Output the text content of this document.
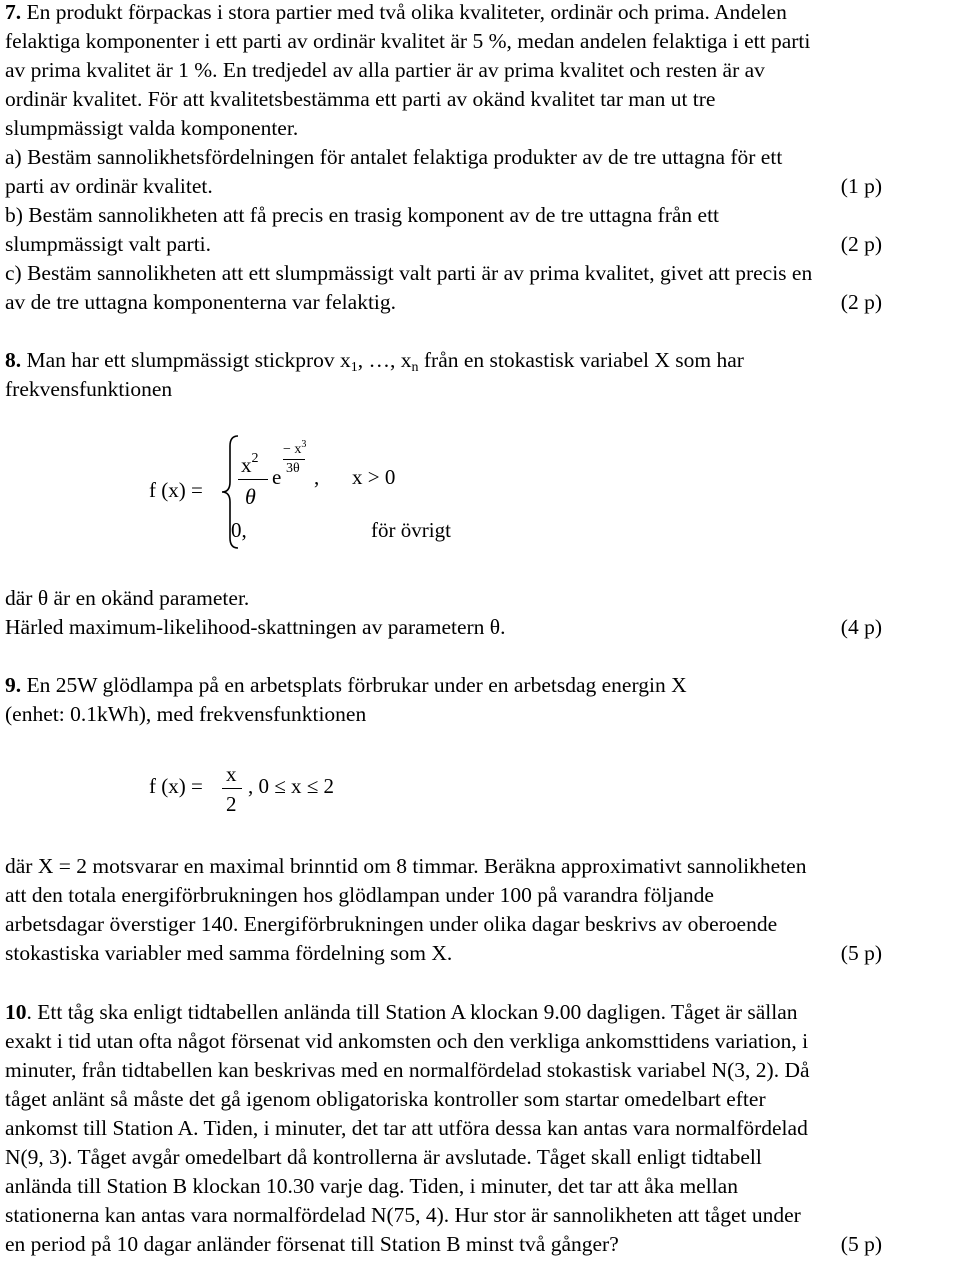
7. En produkt förpackas i stora partier med två olika kvaliteter, ordinär och prima. Andelen
felaktiga komponenter i ett parti av ordinär kvalitet är 5 %, medan andelen felaktiga i ett parti
av prima kvalitet är 1 %. En tredjedel av alla partier är av prima kvalitet och resten är av
ordinär kvalitet. För att kvalitetsbestämma ett parti av okänd kvalitet tar man ut tre
slumpmässigt valda komponenter.
a) Bestäm sannolikhetsfördelningen för antalet felaktiga produkter av de tre uttagna för ett
parti av ordinär kvalitet.	(1 p)
b) Bestäm sannolikheten att få precis en trasig komponent av de tre uttagna från ett
slumpmässigt valt parti.	(2 p)
c) Bestäm sannolikheten att ett slumpmässigt valt parti är av prima kvalitet, givet att precis en
av de tre uttagna komponenterna var felaktig.	(2 p)
8. Man har ett slumpmässigt stickprov $x_1$, …, $x_n$ från en stokastisk variabel X som har
frekvensfunktionen
f (x) =
$x^2$
θ
e
− $x^3$
3θ , x > 0
0,	för övrigt
där θ är en okänd parameter.
Härled maximum-likelihood-skattningen av parametern θ.	(4 p)
9. En 25W glödlampa på en arbetsplats förbrukar under en arbetsdag energin X
(enhet: 0.1kWh), med frekvensfunktionen
f (x) = x
2
, 0 ≤ x ≤ 2
där X = 2 motsvarar en maximal brinntid om 8 timmar. Beräkna approximativt sannolikheten
att den totala energiförbrukningen hos glödlampan under 100 på varandra följande
arbetsdagar överstiger 140. Energiförbrukningen under olika dagar beskrivs av oberoende
stokastiska variabler med samma fördelning som X.	(5 p)
10. Ett tåg ska enligt tidtabellen anlända till Station A klockan 9.00 dagligen. Tåget är sällan
exakt i tid utan ofta något försenat vid ankomsten och den verkliga ankomsttidens variation, i
minuter, från tidtabellen kan beskrivas med en normalfördelad stokastisk variabel N(3, 2). Då
tåget anlänt så måste det gå igenom obligatoriska kontroller som startar omedelbart efter
ankomst till Station A. Tiden, i minuter, det tar att utföra dessa kan antas vara normalfördelad
N(9, 3). Tåget avgår omedelbart då kontrollerna är avslutade. Tåget skall enligt tidtabell
anlända till Station B klockan 10.30 varje dag. Tiden, i minuter, det tar att åka mellan
stationerna kan antas vara normalfördelad N(75, 4). Hur stor är sannolikheten att tåget under
en period på 10 dagar anländer försenat till Station B minst två gånger?	(5 p)
